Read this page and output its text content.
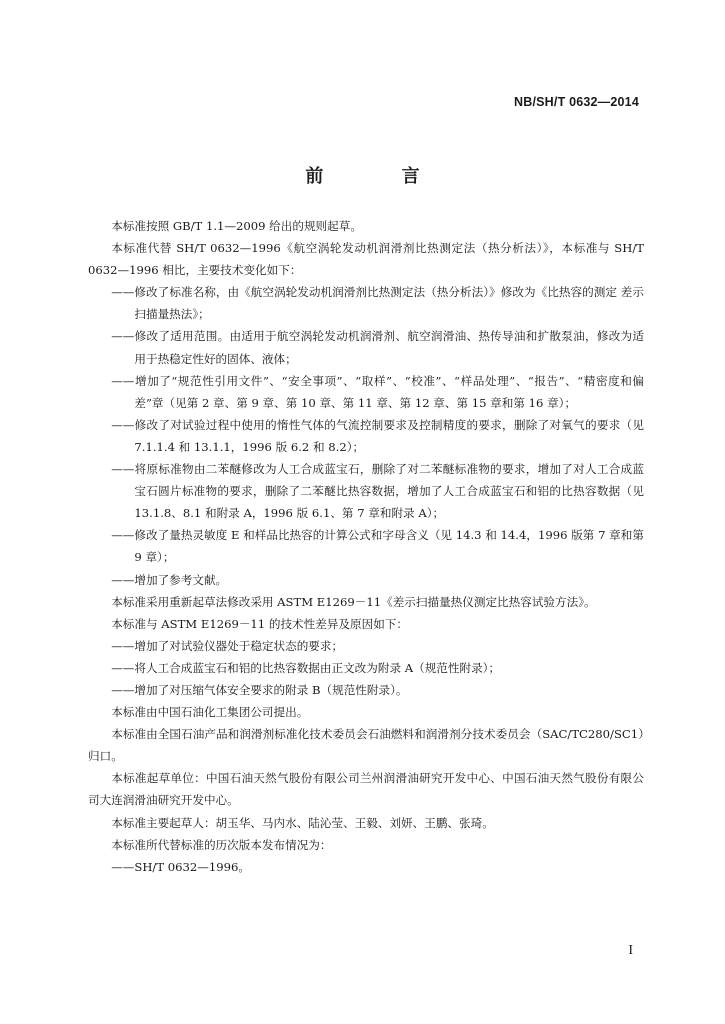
NB/SH/T 0632—2014
前 言

本标准按照 GB/T 1.1—2009 给出的规则起草。

本标准代替 SH/T 0632—1996《航空涡轮发动机润滑剂比热测定法（热分析法）》，本标准与 SH/T 0632—1996 相比，主要技术变化如下：

——修改了标准名称，由《航空涡轮发动机润滑剂比热测定法（热分析法）》修改为《比热容的测定 差示扫描量热法》；

——修改了适用范围。由适用于航空涡轮发动机润滑剂、航空润滑油、热传导油和扩散泵油，修改为适用于热稳定性好的固体、液体；

——增加了“规范性引用文件”、“安全事项”、“取样”、“校准”、“样品处理”、“报告”、“精密度和偏差”章（见第 2 章、第 9 章、第 10 章、第 11 章、第 12 章、第 15 章和第 16 章）；

——修改了对试验过程中使用的惰性气体的气流控制要求及控制精度的要求，删除了对氧气的要求（见 7.1.1.4 和 13.1.1，1996 版 6.2 和 8.2）；

——将原标准物由二苯醚修改为人工合成蓝宝石，删除了对二苯醚标准物的要求，增加了对人工合成蓝宝石圆片标准物的要求，删除了二苯醚比热容数据，增加了人工合成蓝宝石和铝的比热容数据（见 13.1.8、8.1 和附录 A，1996 版 6.1、第 7 章和附录 A）；

——修改了量热灵敏度 E 和样品比热容的计算公式和字母含义（见 14.3 和 14.4，1996 版第 7 章和第 9 章）；

——增加了参考文献。

本标准采用重新起草法修改采用 ASTM E1269－11《差示扫描量热仪测定比热容试验方法》。

本标准与 ASTM E1269－11 的技术性差异及原因如下：

——增加了对试验仪器处于稳定状态的要求；

——将人工合成蓝宝石和铝的比热容数据由正文改为附录 A（规范性附录）；

——增加了对压缩气体安全要求的附录 B（规范性附录）。

本标准由中国石油化工集团公司提出。

本标准由全国石油产品和润滑剂标准化技术委员会石油燃料和润滑剂分技术委员会（SAC/TC280/SC1）归口。

本标准起草单位：中国石油天然气股份有限公司兰州润滑油研究开发中心、中国石油天然气股份有限公司大连润滑油研究开发中心。

本标准主要起草人：胡玉华、马内水、陆沁莹、王毅、刘妍、王鹏、张琦。

本标准所代替标准的历次版本发布情况为：

——SH/T 0632—1996。

I
